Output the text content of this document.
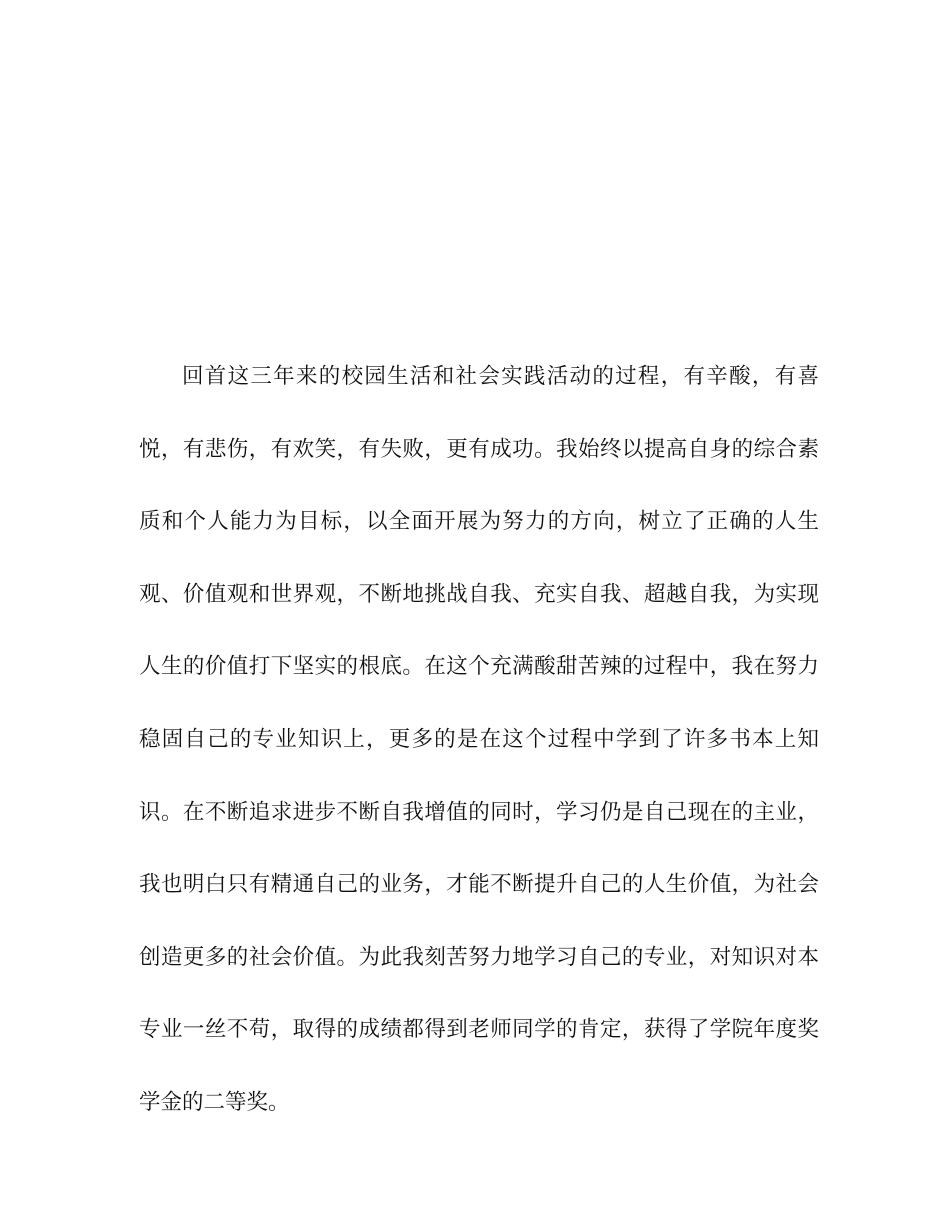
回首这三年来的校园生活和社会实践活动的过程，有辛酸，有喜悦，有悲伤，有欢笑，有失败，更有成功。我始终以提高自身的综合素质和个人能力为目标，以全面开展为努力的方向，树立了正确的人生观、价值观和世界观，不断地挑战自我、充实自我、超越自我，为实现人生的价值打下坚实的根底。在这个充满酸甜苦辣的过程中，我在努力稳固自己的专业知识上，更多的是在这个过程中学到了许多书本上知识。在不断追求进步不断自我增值的同时，学习仍是自己现在的主业，我也明白只有精通自己的业务，才能不断提升自己的人生价值，为社会创造更多的社会价值。为此我刻苦努力地学习自己的专业，对知识对本专业一丝不苟，取得的成绩都得到老师同学的肯定，获得了学院年度奖学金的二等奖。
